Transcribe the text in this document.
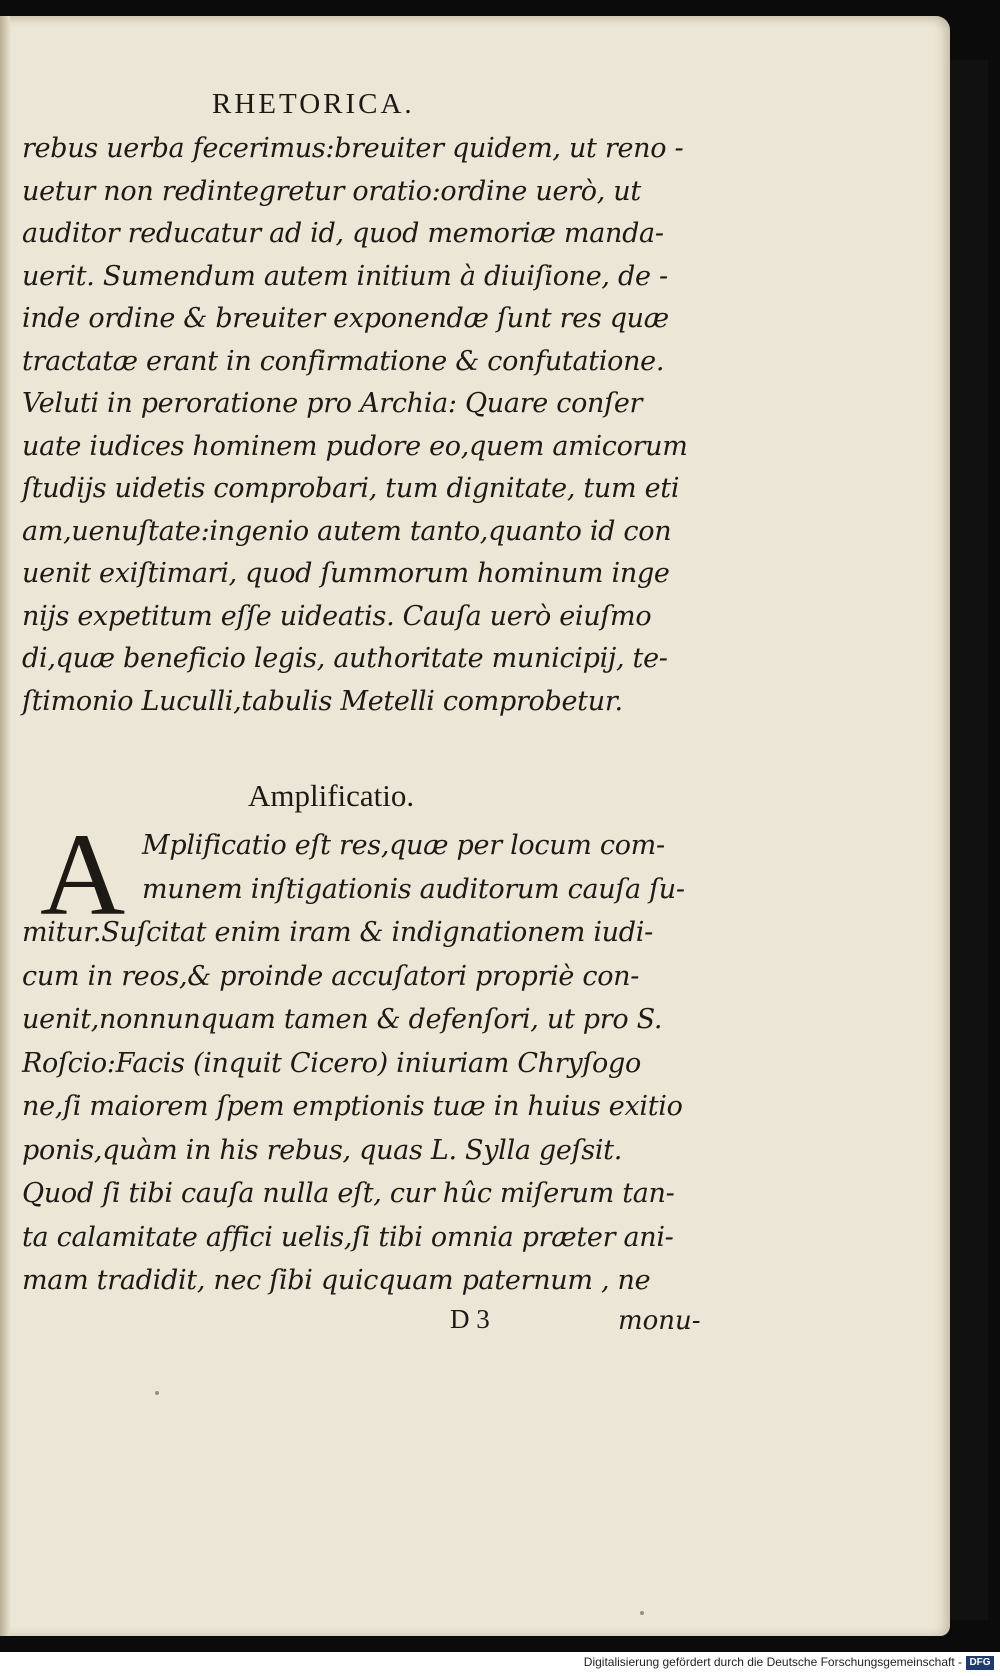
RHETORICA.
rebus uerba fecerimus:breuiter quidem, ut reno -
uetur non redintegretur oratio:ordine uerò, ut
auditor reducatur ad id, quod memoriæ manda-
uerit. Sumendum autem initium à diuiſione, de -
inde ordine & breuiter exponendæ ſunt res quæ
tractatæ erant in confirmatione & confutatione.
Veluti in peroratione pro Archia: Quare conſer
uate iudices hominem pudore eo,quem amicorum
ſtudijs uidetis comprobari, tum dignitate, tum eti
am,uenuſtate:ingenio autem tanto,quanto id con
uenit exiſtimari, quod ſummorum hominum inge
nijs expetitum eſſe uideatis. Cauſa uerò eiuſmo
di,quæ beneficio legis, authoritate municipij, te-
ſtimonio Luculli,tabulis Metelli comprobetur.
Amplificatio.
A Mplificatio eſt res,quæ per locum com-
munem inſtigationis auditorum cauſa ſu-
mitur.Suſcitat enim iram & indignationem iudi-
cum in reos,& proinde accuſatori propriè con-
uenit,nonnunquam tamen & defenſori, ut pro S.
Roſcio:Facis (inquit Cicero) iniuriam Chryſogo
ne,ſi maiorem ſpem emptionis tuæ in huius exitio
ponis,quàm in his rebus, quas L. Sylla geſsit.
Quod ſi tibi cauſa nulla eſt, cur hûc miſerum tan-
ta calamitate affici uelis,ſi tibi omnia præter ani-
mam tradidit, nec ſibi quicquam paternum , ne
D 3	monu-
Digitalisierung gefördert durch die Deutsche Forschungsgemeinschaft - DFG
